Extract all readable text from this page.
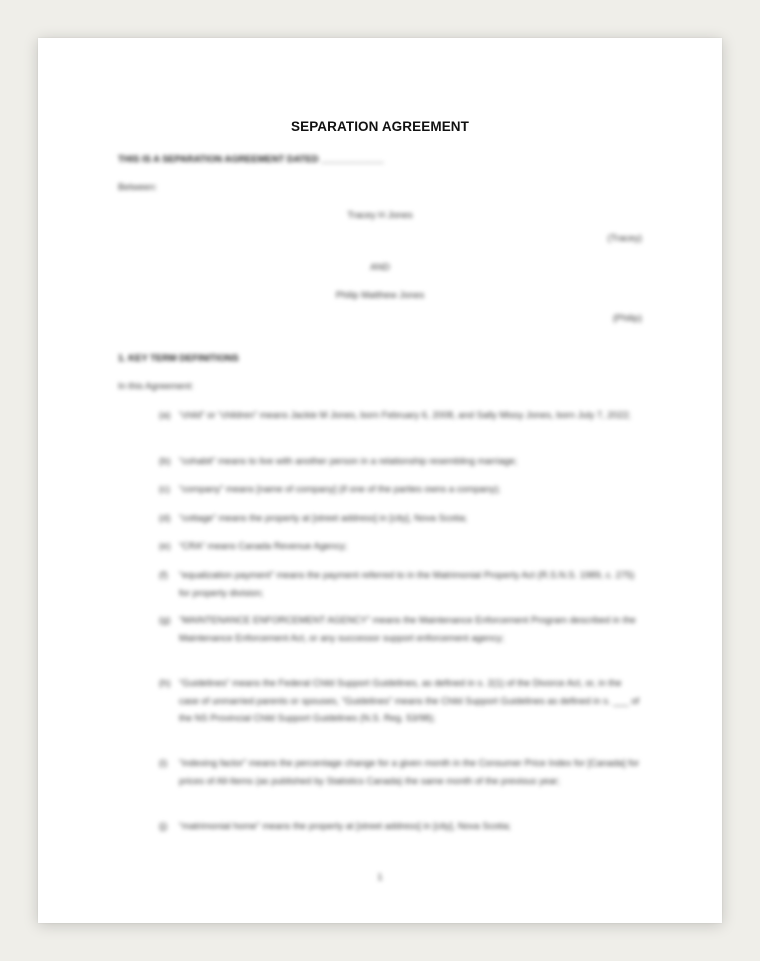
SEPARATION AGREEMENT
THIS IS A SEPARATION AGREEMENT DATED ____________
Between:
Tracey H Jones
(Tracey)
AND
Philip Matthew Jones
(Philip)
1. KEY TERM DEFINITIONS
In this Agreement:
(a) “child” or “children” means Jackie M Jones, born February 6, 2008, and Sally Missy Jones, born July 7, 2022;
(b) “cohabit” means to live with another person in a relationship resembling marriage;
(c) “company” means [name of company] (if one of the parties owns a company);
(d) “cottage” means the property at [street address] in [city], Nova Scotia;
(e) “CRA” means Canada Revenue Agency;
(f)	“equalization payment” means the payment referred to in the Matrimonial Property Act (R.S.N.S. 1989, c. 275) for property division;
(g) “MAINTENANCE ENFORCEMENT AGENCY” means the Maintenance Enforcement Program described in the Maintenance Enforcement Act, or any successor support enforcement agency;
(h) “Guidelines” means the Federal Child Support Guidelines, as defined in s. 2(1) of the Divorce Act, or, in the case of unmarried parents or spouses, “Guidelines” means the Child Support Guidelines as defined in s. ___ of the NS Provincial Child Support Guidelines (N.S. Reg. 53/98);
(i)	“indexing factor” means the percentage change for a given month in the Consumer Price Index for [Canada] for prices of All-Items (as published by Statistics Canada) the same month of the previous year;
(j)	“matrimonial home” means the property at [street address] in [city], Nova Scotia;
1
